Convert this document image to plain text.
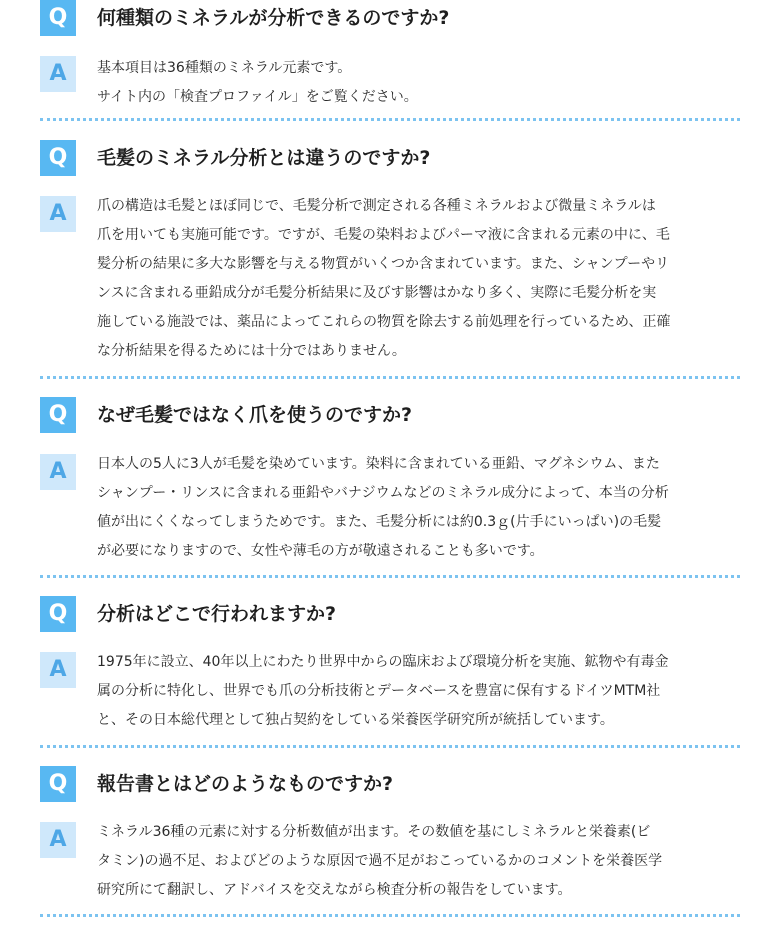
Q	何種類のミネラルが分析できるのですか?
A	基本項目は36種類のミネラル元素です。
サイト内の「検査プロファイル」をご覧ください。
Q	毛髪のミネラル分析とは違うのですか?
A	爪の構造は毛髪とほぼ同じで、毛髪分析で測定される各種ミネラルおよび微量ミネラルは
爪を用いても実施可能です。ですが、毛髪の染料およびパーマ液に含まれる元素の中に、毛
髪分析の結果に多大な影響を与える物質がいくつか含まれています。また、シャンプーやリ
ンスに含まれる亜鉛成分が毛髪分析結果に及びす影響はかなり多く、実際に毛髪分析を実
施している施設では、薬品によってこれらの物質を除去する前処理を行っているため、正確
な分析結果を得るためには十分ではありません。
Q	なぜ毛髪ではなく爪を使うのですか?
A	日本人の5人に3人が毛髪を染めています。染料に含まれている亜鉛、マグネシウム、また
シャンプー・リンスに含まれる亜鉛やバナジウムなどのミネラル成分によって、本当の分析
値が出にくくなってしまうためです。また、毛髪分析には約0.3ｇ(片手にいっぱい)の毛髪
が必要になりますので、女性や薄毛の方が敬遠されることも多いです。
Q	分析はどこで行われますか?
A	1975年に設立、40年以上にわたり世界中からの臨床および環境分析を実施、鉱物や有毒金
属の分析に特化し、世界でも爪の分析技術とデータベースを豊富に保有するドイツMTM社
と、その日本総代理として独占契約をしている栄養医学研究所が統括しています。
Q	報告書とはどのようなものですか?
A	ミネラル36種の元素に対する分析数値が出ます。その数値を基にしミネラルと栄養素(ビ
タミン)の過不足、およびどのような原因で過不足がおこっているかのコメントを栄養医学
研究所にて翻訳し、アドバイスを交えながら検査分析の報告をしています。
